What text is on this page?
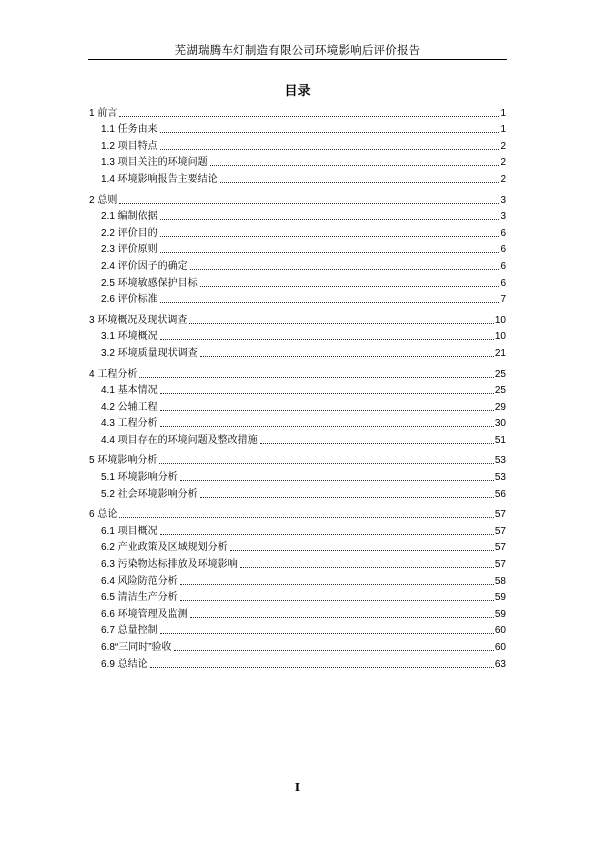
芜湖瑞腾车灯制造有限公司环境影响后评价报告
目录
1 前言	1
1.1 任务由来	1
1.2 项目特点	2
1.3 项目关注的环境问题	2
1.4 环境影响报告主要结论	2
2 总则	3
2.1 编制依据	3
2.2 评价目的	6
2.3 评价原则	6
2.4 评价因子的确定	6
2.5 环境敏感保护目标	6
2.6 评价标准	7
3 环境概况及现状调查	10
3.1 环境概况	10
3.2 环境质量现状调查	21
4 工程分析	25
4.1 基本情况	25
4.2 公辅工程	29
4.3 工程分析	30
4.4 项目存在的环境问题及整改措施	51
5 环境影响分析	53
5.1 环境影响分析	53
5.2 社会环境影响分析	56
6 总论	57
6.1 项目概况	57
6.2 产业政策及区域规划分析	57
6.3 污染物达标排放及环境影响	57
6.4 风险防范分析	58
6.5 清洁生产分析	59
6.6 环境管理及监测	59
6.7 总量控制	60
6.8“三同时”验收	60
6.9 总结论	63
I
